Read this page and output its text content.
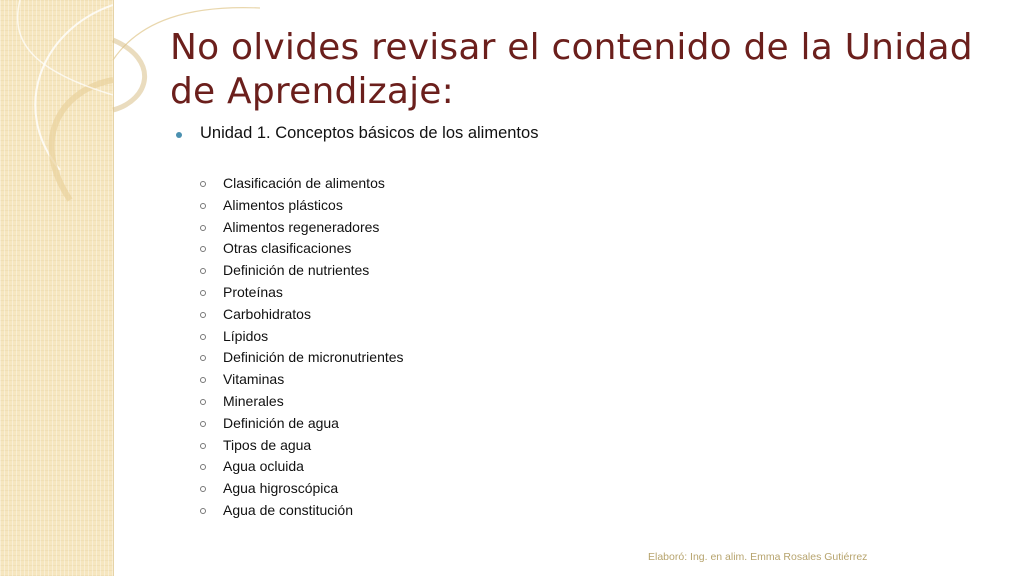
No olvides revisar el contenido de la Unidad de Aprendizaje:
Unidad 1. Conceptos básicos de los alimentos
Clasificación de alimentos
Alimentos plásticos
Alimentos regeneradores
Otras clasificaciones
Definición de nutrientes
Proteínas
Carbohidratos
Lípidos
Definición de micronutrientes
Vitaminas
Minerales
Definición de agua
Tipos de agua
Agua ocluida
Agua higroscópica
Agua de constitución
Elaboró: Ing. en alim. Emma Rosales Gutiérrez
